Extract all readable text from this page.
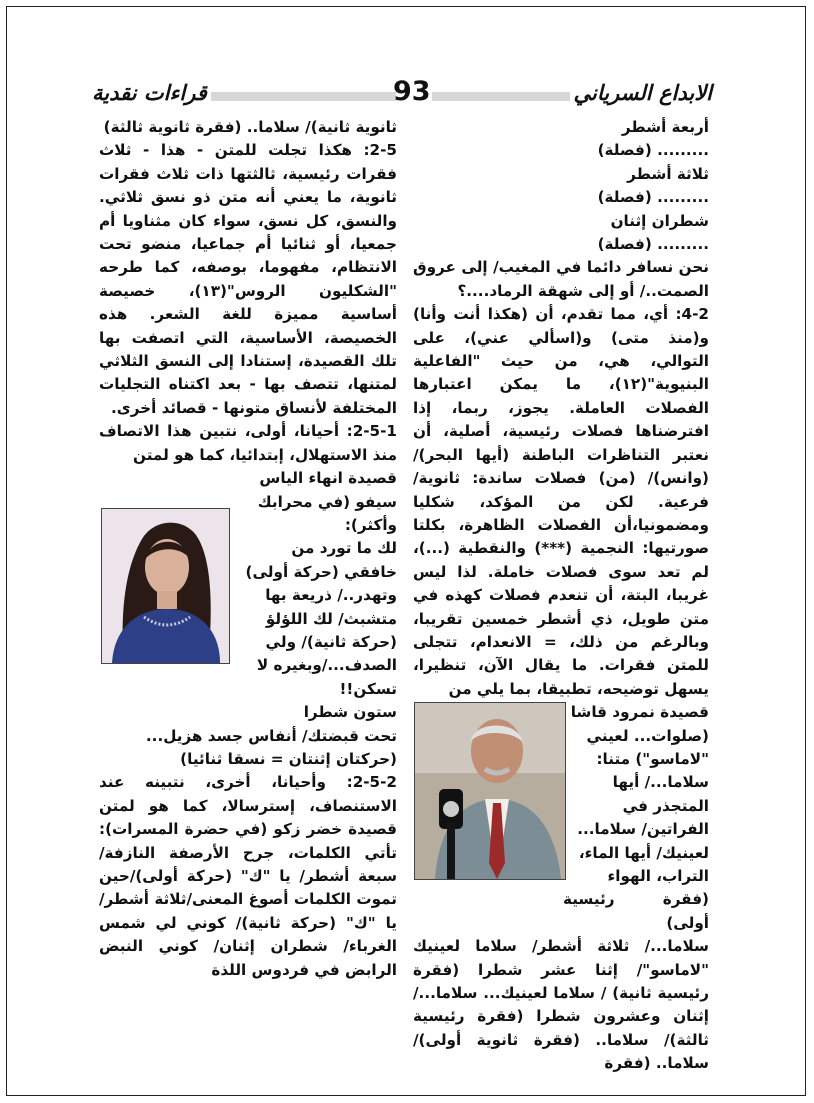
قراءات نقدية	93	الابداع السرياني

أربعة أشطر

......... (فصلة)

ثلاثة أشطر

......... (فصلة)

شطران إثنان

......... (فصلة)

نحن نسافر دائما في المغيب/ إلى عروق الصمت../ أو إلى شهقة الرماد....؟

4-2: أي، مما تقدم، أن (هكذا أنت وأنا) و(منذ متى) و(اسألي عني)، على التوالي، هي، من حيث "الفاعلية البنيوية"(١٢)، ما يمكن اعتبارها الفصلات العاملة. يجوز، ربما، إذا افترضناها فصلات رئيسية، أصلية، أن نعتبر التناظرات الباطنة (أيها البحر)/ (وانس)/ (من) فصلات ساندة: ثانوية/ فرعية. لكن من المؤكد، شكليا ومضمونيا،أن الفصلات الظاهرة، بكلتا صورتيها: النجمية (***) والنقطية (...)، لم تعد سوى فصلات خاملة. لذا ليس غريبا، البتة، أن تنعدم فصلات كهذه في متن طويل، ذي أشطر خمسين تقريبا، وبالرغم من ذلك، = الانعدام، تتجلى للمتن فقرات. ما يقال الآن، تنظيرا، يسهل توضيحه، تطبيقا، بما يلي من

قصيدة نمرود قاشا

(صلوات... لعيني

"لاماسو") متنا:

سلاما.../ أيها

المتجذر في

الفراتين/ سلاما...

لعينيك/ أيها الماء،

التراب، الهواء

(فقرة رئيسية أولى)

سلاما.../ ثلاثة أشطر/ سلاما لعينيك "لاماسو"/ إثنا عشر شطرا (فقرة رئيسية ثانية) / سلاما لعينيك... سلاما.../ إثنان وعشرون شطرا (فقرة رئيسية ثالثة)/ سلاما.. (فقرة ثانوية أولى)/ سلاما.. (فقرة

ثانوية ثانية)/ سلاما.. (فقرة ثانوية ثالثة)

2-5: هكذا تجلت للمتن - هذا - ثلاث فقرات رئيسية، ثالثتها ذات ثلاث فقرات ثانوية، ما يعني أنه متن ذو نسق ثلاثي. والنسق، كل نسق، سواء كان مثناويا أم جمعيا، أو ثنائيا أم جماعيا، منضو تحت الانتظام، مفهوما، بوصفه، كما طرحه "الشكليون الروس"(١٣)، خصيصة أساسية مميزة للغة الشعر. هذه الخصيصة، الأساسية، التي اتصفت بها تلك القصيدة، إستنادا إلى النسق الثلاثي لمتنها، تتصف بها - بعد اكتناه التجليات المختلفة لأنساق متونها - قصائد أخرى.

2-5-1: أحيانا، أولى، نتبين هذا الاتصاف منذ الاستهلال، إبتدائيا، كما هو لمتن

قصيدة انهاء الياس

سيفو (في محرابك

وأكثر):

لك ما تورد من

خافقي (حركة أولى)

وتهدر../ ذريعة بها

متشبث/ لك اللؤلؤ

(حركة ثانية)/ ولي

الصدف.../وبغيره لا

تسكن!!

ستون شطرا

تحت قبضتك/ أنفاس جسد هزيل...

(حركتان إثنتان = نسقا ثنائيا)

2-5-2: وأحيانا، أخرى، نتبينه عند الاستنصاف، إسترسالا، كما هو لمتن قصيدة خضر زكو (في حضرة المسرات): تأتي الكلمات، جرح الأرصفة النازفة/سبعة أشطر/ يا "ك" (حركة أولى)/حين تموت الكلمات أصوغ المعنى/ثلاثة أشطر/ يا "ك" (حركة ثانية)/ كوني لي شمس الغرباء/ شطران إثنان/ كوني النبض الرابض في فردوس اللذة
